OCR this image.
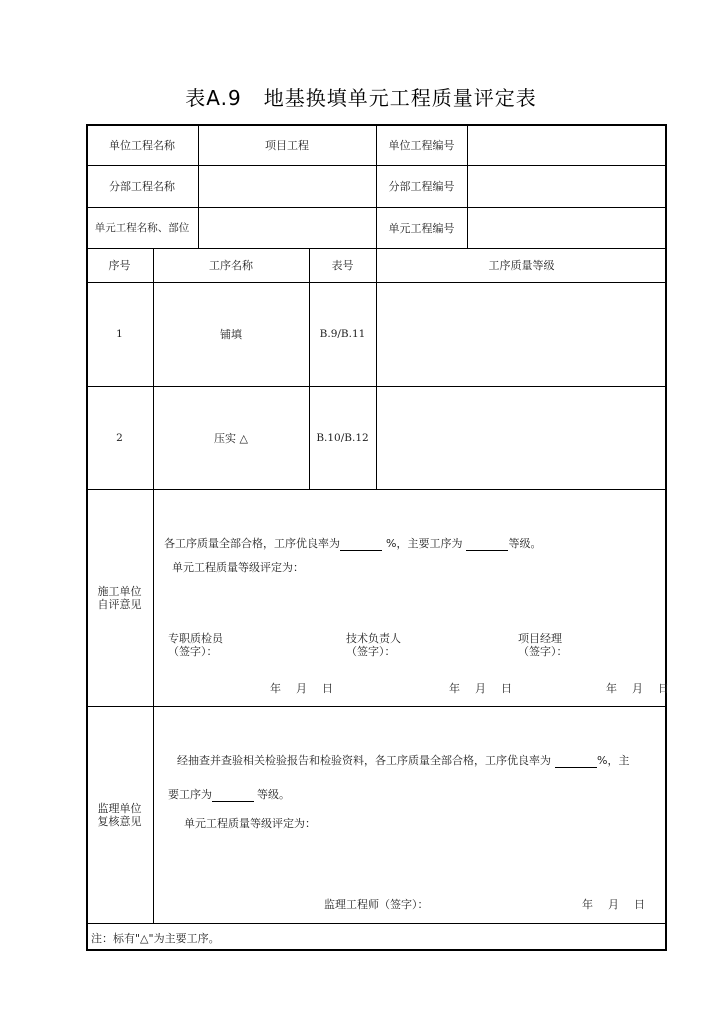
表A.9 地基换填单元工程质量评定表
单位工程名称	项目工程	单位工程编号
分部工程名称	分部工程编号
单元工程名称、部位	单元工程编号
序号	工序名称	表号	工序质量等级
1	铺填	B.9/B.11
2	压实 △	B.10/B.12
施工单位
自评意见
各工序质量全部合格，工序优良率为	%，主要工序为	等级。
单元工程质量等级评定为：
专职质检员
（签字）：
技术负责人
（签字）：
项目经理
（签字）：
年　月　日	年　月　日	年　月　日
监理单位
复核意见
经抽查并查验相关检验报告和检验资料，各工序质量全部合格，工序优良率为	%，主
要工序为	等级。
单元工程质量等级评定为：
监理工程师（签字）：	年　月　日
注：标有"△"为主要工序。
